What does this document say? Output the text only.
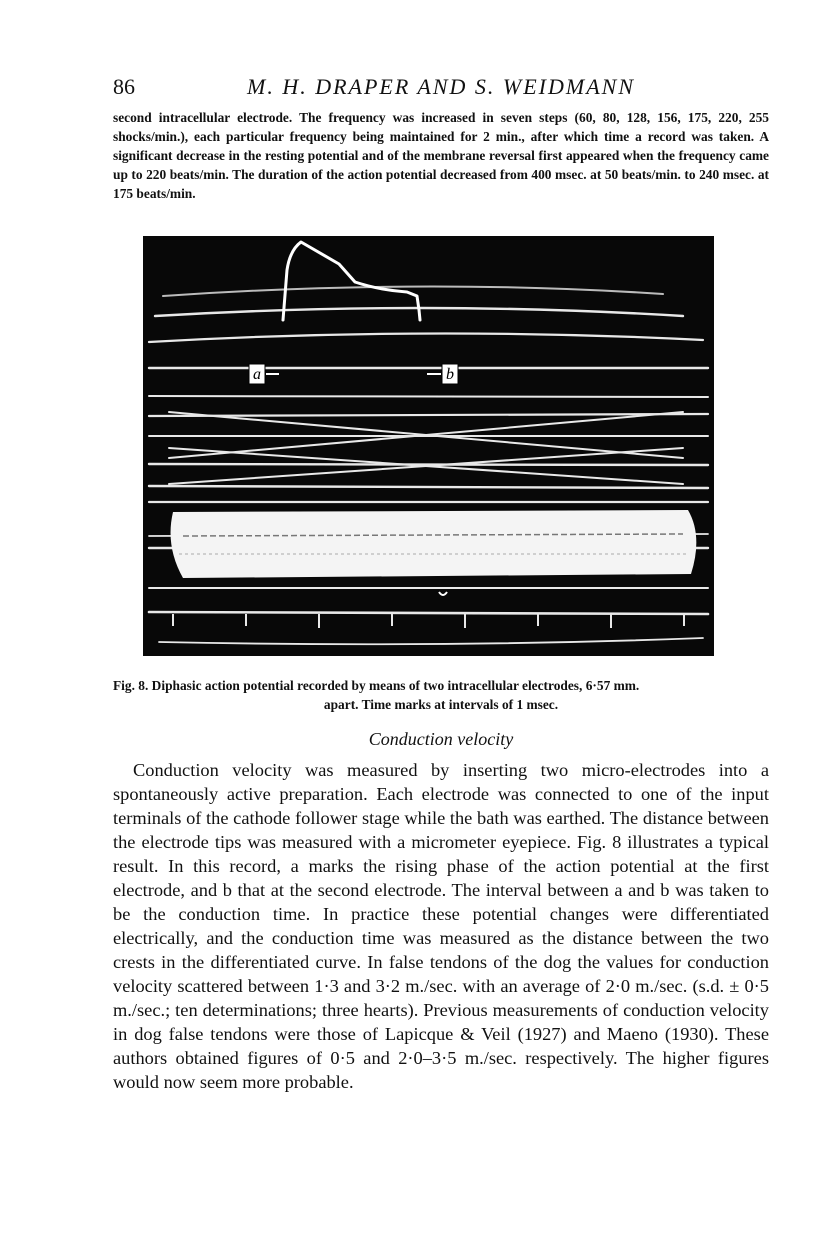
86	M. H. DRAPER AND S. WEIDMANN

second intracellular electrode. The frequency was increased in seven steps (60, 80, 128, 156, 175, 220, 255 shocks/min.), each particular frequency being maintained for 2 min., after which time a record was taken. A significant decrease in the resting potential and of the membrane reversal first appeared when the frequency came up to 220 beats/min. The duration of the action potential decreased from 400 msec. at 50 beats/min. to 240 msec. at 175 beats/min.

a	b
Fig. 8. Diphasic action potential recorded by means of two intracellular electrodes, 6·57 mm.
apart. Time marks at intervals of 1 msec.
Conduction velocity

Conduction velocity was measured by inserting two micro-electrodes into a spontaneously active preparation. Each electrode was connected to one of the input terminals of the cathode follower stage while the bath was earthed. The distance between the electrode tips was measured with a micrometer eyepiece. Fig. 8 illustrates a typical result. In this record, a marks the rising phase of the action potential at the first electrode, and b that at the second electrode. The interval between a and b was taken to be the conduction time. In practice these potential changes were differentiated electrically, and the conduction time was measured as the distance between the two crests in the differentiated curve. In false tendons of the dog the values for conduction velocity scattered between 1·3 and 3·2 m./sec. with an average of 2·0 m./sec. (s.d. ± 0·5 m./sec.; ten determinations; three hearts). Previous measurements of conduction velocity in dog false tendons were those of Lapicque & Veil (1927) and Maeno (1930). These authors obtained figures of 0·5 and 2·0–3·5 m./sec. respectively. The higher figures would now seem more probable.
